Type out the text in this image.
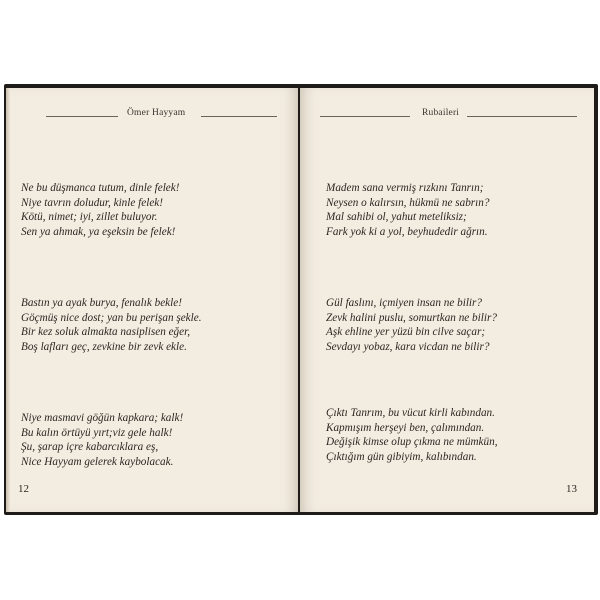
Ömer Hayyam
Ne bu düşmanca tutum, dinle felek!
Niye tavrın doludur, kinle felek!
Kötü, nimet; iyi, zillet buluyor.
Sen ya ahmak, ya eşeksin be felek!
Bastın ya ayak burya, fenalık bekle!
Göçmüş nice dost; yan bu perişan şekle.
Bir kez soluk almakta nasiplisen eğer,
Boş lafları geç, zevkine bir zevk ekle.
Niye masmavi göğün kapkara; kalk!
Bu kalın örtüyü yırt;viz gele halk!
Şu, şarap içre kabarcıklara eş,
Nice Hayyam gelerek kaybolacak.
12
Rubaileri
Madem sana vermiş rızkını Tanrın;
Neysen o kalırsın, hükmü ne sabrın?
Mal sahibi ol, yahut meteliksiz;
Fark yok ki a yol, beyhudedir ağrın.
Gül faslını, içmiyen insan ne bilir?
Zevk halini puslu, somurtkan ne bilir?
Aşk ehline yer yüzü bin cilve saçar;
Sevdayı yobaz, kara vicdan ne bilir?
Çıktı Tanrım, bu vücut kirli kabından.
Kapmışım herşeyi ben, çalımından.
Değişik kimse olup çıkma ne mümkün,
Çıktığım gün gibiyim, kalıbından.
13
